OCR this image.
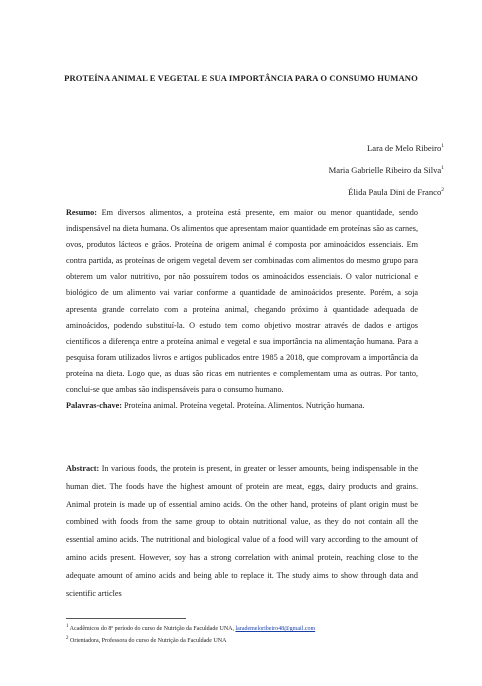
PROTEÍNA ANIMAL E VEGETAL E SUA IMPORTÂNCIA PARA O CONSUMO HUMANO
Lara de Melo Ribeiro$^1$
Maria Gabrielle Ribeiro da Silva$^1$
Élida Paula Dini de Franco$^2$

Resumo: Em diversos alimentos, a proteína está presente, em maior ou menor quantidade, sendo indispensável na dieta humana. Os alimentos que apresentam maior quantidade em proteínas são as carnes, ovos, produtos lácteos e grãos. Proteína de origem animal é composta por aminoácidos essenciais. Em contra partida, as proteínas de origem vegetal devem ser combinadas com alimentos do mesmo grupo para obterem um valor nutritivo, por não possuírem todos os aminoácidos essenciais. O valor nutricional e biológico de um alimento vai variar conforme a quantidade de aminoácidos presente. Porém, a soja apresenta grande correlato com a proteína animal, chegando próximo à quantidade adequada de aminoácidos, podendo substituí-la. O estudo tem como objetivo mostrar através de dados e artigos científicos a diferença entre a proteína animal e vegetal e sua importância na alimentação humana. Para a pesquisa foram utilizados livros e artigos publicados entre 1985 a 2018, que comprovam a importância da proteína na dieta. Logo que, as duas são ricas em nutrientes e complementam uma as outras. Por tanto, conclui-se que ambas são indispensáveis para o consumo humano.

Palavras-chave: Proteína animal. Proteína vegetal. Proteína. Alimentos. Nutrição humana.

Abstract: In various foods, the protein is present, in greater or lesser amounts, being indispensable in the human diet. The foods have the highest amount of protein are meat, eggs, dairy products and grains. Animal protein is made up of essential amino acids. On the other hand, proteins of plant origin must be combined with foods from the same group to obtain nutritional value, as they do not contain all the essential amino acids. The nutritional and biological value of a food will vary according to the amount of amino acids present. However, soy has a strong correlation with animal protein, reaching close to the adequate amount of amino acids and being able to replace it. The study aims to show through data and scientific articles

$^1$ Acadêmicos do 8º período do curso de Nutrição da Faculdade UNA, larademeloribeiro48@gmail.com
$^2$ Orientadora, Professora do curso de Nutrição da Faculdade UNA
